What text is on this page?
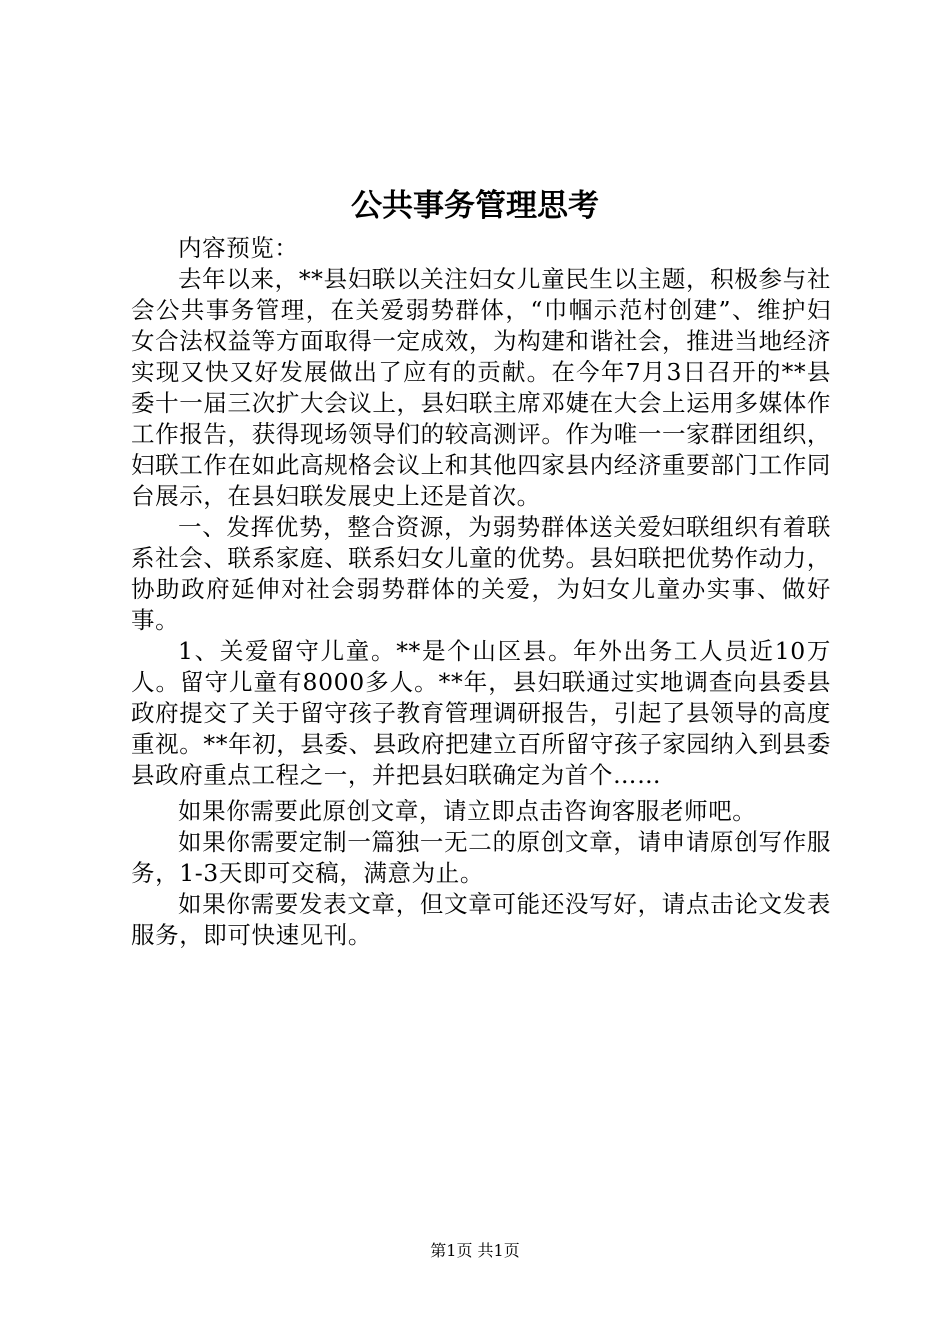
公共事务管理思考

内容预览：

去年以来，**县妇联以关注妇女儿童民生以主题，积极参与社会公共事务管理，在关爱弱势群体，“巾帼示范村创建”、维护妇女合法权益等方面取得一定成效，为构建和谐社会，推进当地经济实现又快又好发展做出了应有的贡献。在今年7月3日召开的**县委十一届三次扩大会议上，县妇联主席邓婕在大会上运用多媒体作工作报告，获得现场领导们的较高测评。作为唯一一家群团组织，妇联工作在如此高规格会议上和其他四家县内经济重要部门工作同台展示，在县妇联发展史上还是首次。

一、发挥优势，整合资源，为弱势群体送关爱妇联组织有着联系社会、联系家庭、联系妇女儿童的优势。县妇联把优势作动力，协助政府延伸对社会弱势群体的关爱，为妇女儿童办实事、做好事。

1、关爱留守儿童。**是个山区县。年外出务工人员近10万人。留守儿童有8000多人。**年，县妇联通过实地调查向县委县政府提交了关于留守孩子教育管理调研报告，引起了县领导的高度重视。**年初，县委、县政府把建立百所留守孩子家园纳入到县委县政府重点工程之一，并把县妇联确定为首个……

如果你需要此原创文章，请立即点击咨询客服老师吧。

如果你需要定制一篇独一无二的原创文章，请申请原创写作服务，1-3天即可交稿，满意为止。

如果你需要发表文章，但文章可能还没写好，请点击论文发表服务，即可快速见刊。

第1页 共1页
